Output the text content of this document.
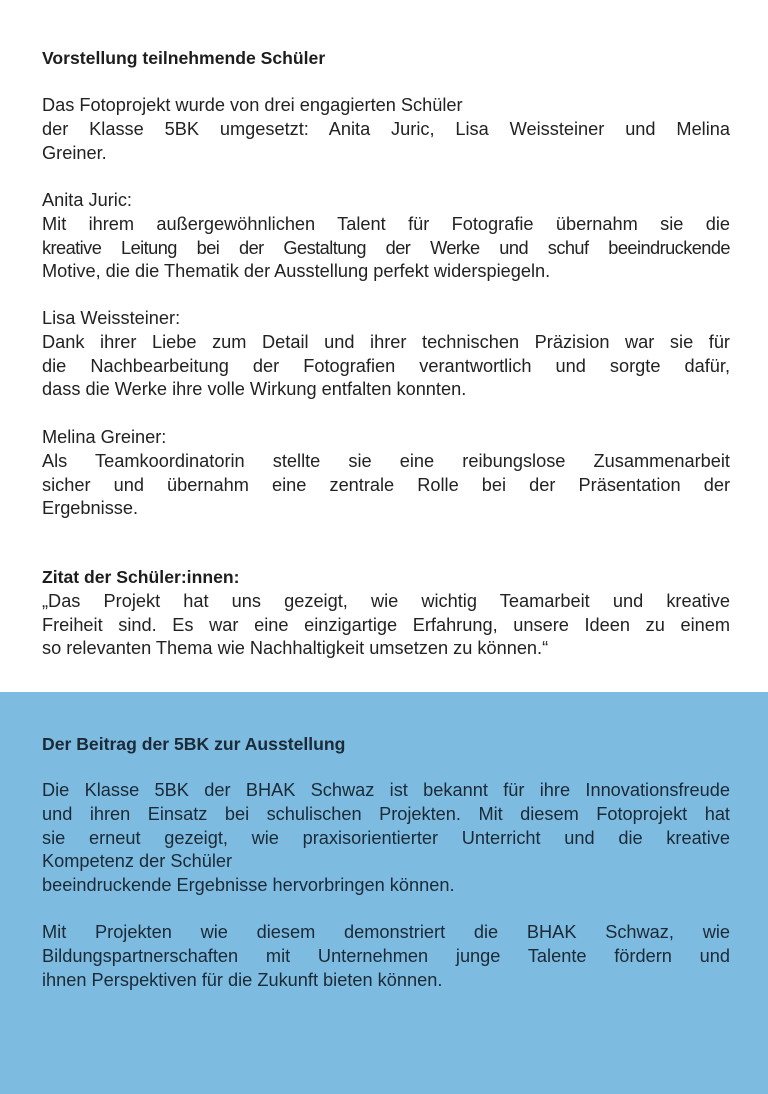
Vorstellung teilnehmende Schüler
Das Fotoprojekt wurde von drei engagierten Schüler
der Klasse 5BK umgesetzt: Anita Juric, Lisa Weissteiner und Melina
Greiner.
Anita Juric:
Mit ihrem außergewöhnlichen Talent für Fotografie übernahm sie die
kreative Leitung bei der Gestaltung der Werke und schuf beeindruckende
Motive, die die Thematik der Ausstellung perfekt widerspiegeln.
Lisa Weissteiner:
Dank ihrer Liebe zum Detail und ihrer technischen Präzision war sie für
die Nachbearbeitung der Fotografien verantwortlich und sorgte dafür,
dass die Werke ihre volle Wirkung entfalten konnten.
Melina Greiner:
Als Teamkoordinatorin stellte sie eine reibungslose Zusammenarbeit
sicher und übernahm eine zentrale Rolle bei der Präsentation der
Ergebnisse.
Zitat der Schüler:innen:
„Das Projekt hat uns gezeigt, wie wichtig Teamarbeit und kreative
Freiheit sind. Es war eine einzigartige Erfahrung, unsere Ideen zu einem
so relevanten Thema wie Nachhaltigkeit umsetzen zu können.“
Der Beitrag der 5BK zur Ausstellung
Die Klasse 5BK der BHAK Schwaz ist bekannt für ihre Innovationsfreude
und ihren Einsatz bei schulischen Projekten. Mit diesem Fotoprojekt hat
sie erneut gezeigt, wie praxisorientierter Unterricht und die kreative
Kompetenz der Schüler
beeindruckende Ergebnisse hervorbringen können.
Mit Projekten wie diesem demonstriert die BHAK Schwaz, wie
Bildungspartnerschaften mit Unternehmen junge Talente fördern und
ihnen Perspektiven für die Zukunft bieten können.
